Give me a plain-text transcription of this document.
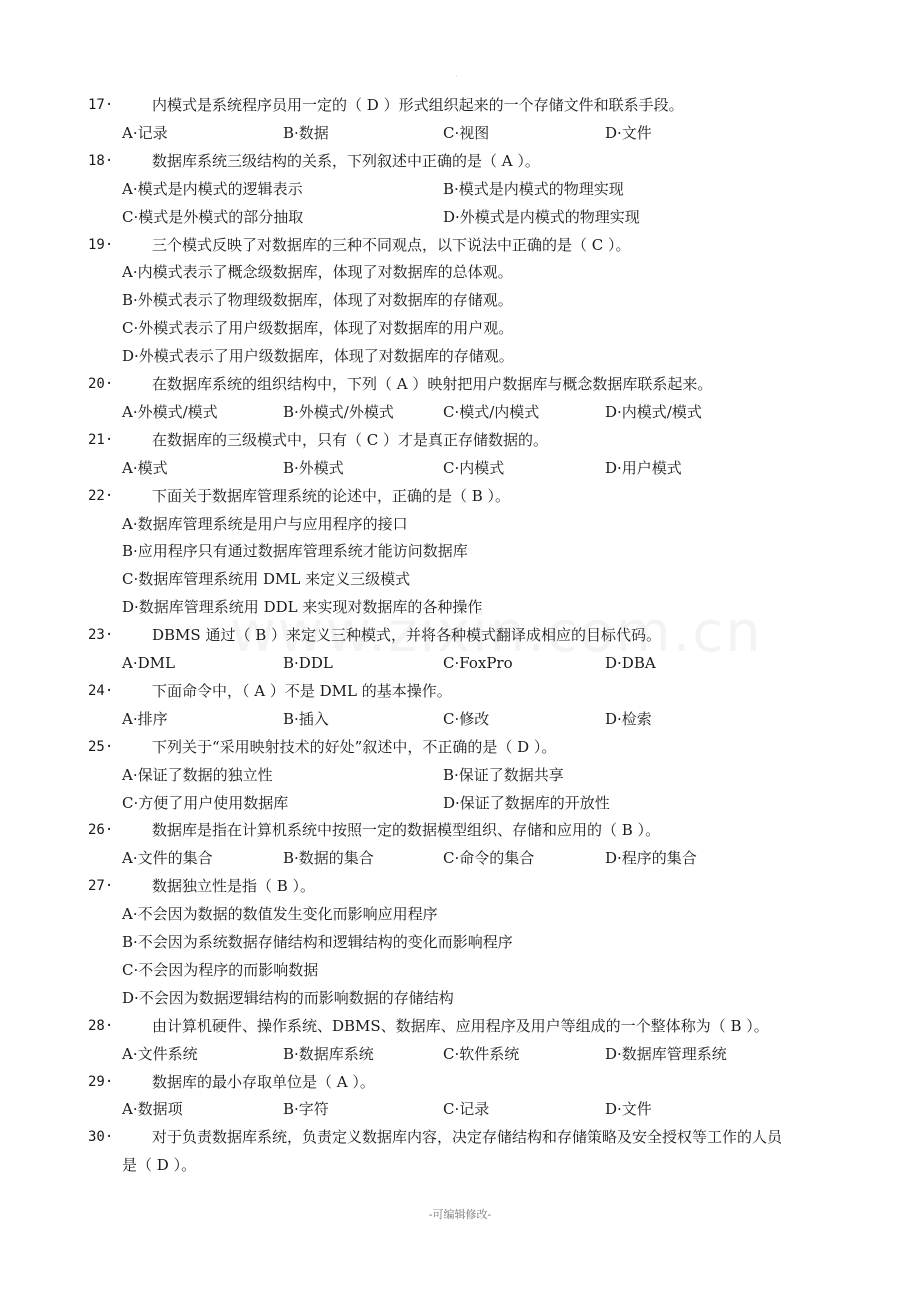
·
17·	内模式是系统程序员用一定的（ D ）形式组织起来的一个存储文件和联系手段。
A·记录	B·数据	C·视图	D·文件
18·	数据库系统三级结构的关系，下列叙述中正确的是（ A ）。
A·模式是内模式的逻辑表示	B·模式是内模式的物理实现
C·模式是外模式的部分抽取	D·外模式是内模式的物理实现
19·	三个模式反映了对数据库的三种不同观点，以下说法中正确的是（ C ）。
A·内模式表示了概念级数据库，体现了对数据库的总体观。
B·外模式表示了物理级数据库，体现了对数据库的存储观。
C·外模式表示了用户级数据库，体现了对数据库的用户观。
D·外模式表示了用户级数据库，体现了对数据库的存储观。
20·	在数据库系统的组织结构中，下列（ A ）映射把用户数据库与概念数据库联系起来。
A·外模式/模式	B·外模式/外模式	C·模式/内模式	D·内模式/模式
21·	在数据库的三级模式中，只有（ C ）才是真正存储数据的。
A·模式	B·外模式	C·内模式	D·用户模式
22·	下面关于数据库管理系统的论述中，正确的是（ B ）。
A·数据库管理系统是用户与应用程序的接口
B·应用程序只有通过数据库管理系统才能访问数据库
C·数据库管理系统用 DML 来定义三级模式
D·数据库管理系统用 DDL 来实现对数据库的各种操作
23·	DBMS 通过（ B ）来定义三种模式，并将各种模式翻译成相应的目标代码。
A·DML	B·DDL	C·FoxPro	D·DBA
24·	下面命令中，（ A ）不是 DML 的基本操作。
A·排序	B·插入	C·修改	D·检索
25·	下列关于“采用映射技术的好处”叙述中，不正确的是（ D ）。
A·保证了数据的独立性	B·保证了数据共享
C·方便了用户使用数据库	D·保证了数据库的开放性
26·	数据库是指在计算机系统中按照一定的数据模型组织、存储和应用的（ B ）。
A·文件的集合	B·数据的集合	C·命令的集合	D·程序的集合
27·	数据独立性是指（ B ）。
A·不会因为数据的数值发生变化而影响应用程序
B·不会因为系统数据存储结构和逻辑结构的变化而影响程序
C·不会因为程序的而影响数据
D·不会因为数据逻辑结构的而影响数据的存储结构
28·	由计算机硬件、操作系统、DBMS、数据库、应用程序及用户等组成的一个整体称为（ B ）。
A·文件系统	B·数据库系统	C·软件系统	D·数据库管理系统
29·	数据库的最小存取单位是（ A ）。
A·数据项	B·字符	C·记录	D·文件
30·	对于负责数据库系统，负责定义数据库内容，决定存储结构和存储策略及安全授权等工作的人员
是（ D ）。
-可编辑修改-
